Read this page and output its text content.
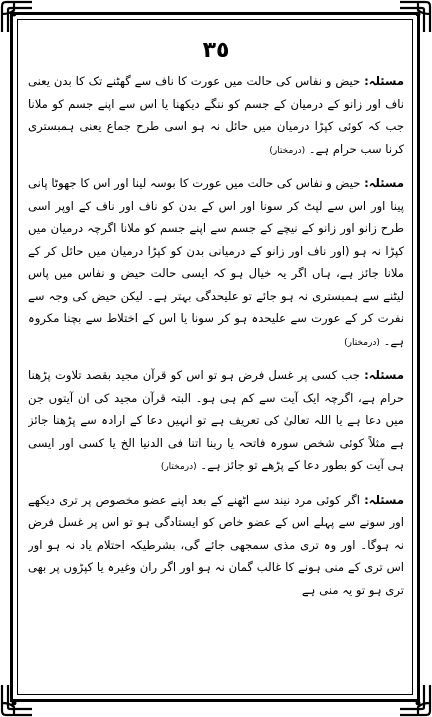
٣٥

مسئلہ: حیض و نفاس کی حالت میں عورت کا ناف سے گھٹنے تک کا بدن یعنی ناف اور زانو کے درمیان کے جسم کو ننگے دیکھنا یا اس سے اپنے جسم کو ملانا جب کہ کوئی کپڑا درمیان میں حائل نہ ہو اسی طرح جماع یعنی ہمبستری کرنا سب حرام ہے۔ (درمختار)

مسئلہ: حیض و نفاس کی حالت میں عورت کا بوسہ لینا اور اس کا جھوٹا پانی پینا اور اس سے لپٹ کر سونا اور اس کے بدن کو ناف اور ناف کے اوپر اسی طرح زانو اور زانو کے نیچے کے جسم سے اپنے جسم کو ملانا اگرچہ درمیان میں کپڑا نہ ہو (اور ناف اور زانو کے درمیانی بدن کو کپڑا درمیان میں حائل کر کے ملانا جائز ہے، ہاں اگر یہ خیال ہو کہ ایسی حالت حیض و نفاس میں پاس لیٹنے سے ہمبستری نہ ہو جائے تو علیحدگی بہتر ہے۔ لیکن حیض کی وجہ سے نفرت کر کے عورت سے علیحدہ ہو کر سونا یا اس کے اختلاط سے بچنا مکروہ ہے۔ (درمختار)

مسئلہ: جب کسی پر غسل فرض ہو تو اس کو قرآن مجید بقصد تلاوت پڑھنا حرام ہے، اگرچہ ایک آیت سے کم ہی ہو۔ البتہ قرآن مجید کی ان آیتوں جن میں دعا ہے یا اللہ تعالیٰ کی تعریف ہے تو انہیں دعا کے ارادہ سے پڑھنا جائز ہے مثلاً کوئی شخص سورہ فاتحہ یا ربنا اتنا فی الدنیا الخ یا کسی اور ایسی ہی آیت کو بطور دعا کے پڑھے تو جائز ہے۔ (درمختار)

مسئلہ: اگر کوئی مرد نیند سے اٹھنے کے بعد اپنے عضو مخصوص پر تری دیکھے اور سونے سے پہلے اس کے عضو خاص کو ایستادگی ہو تو اس پر غسل فرض نہ ہوگا۔ اور وہ تری مذی سمجھی جائے گی، بشرطیکہ احتلام یاد نہ ہو اور اس تری کے منی ہونے کا غالب گمان نہ ہو اور اگر ران وغیرہ یا کپڑوں پر بھی تری ہو تو یہ منی ہے
